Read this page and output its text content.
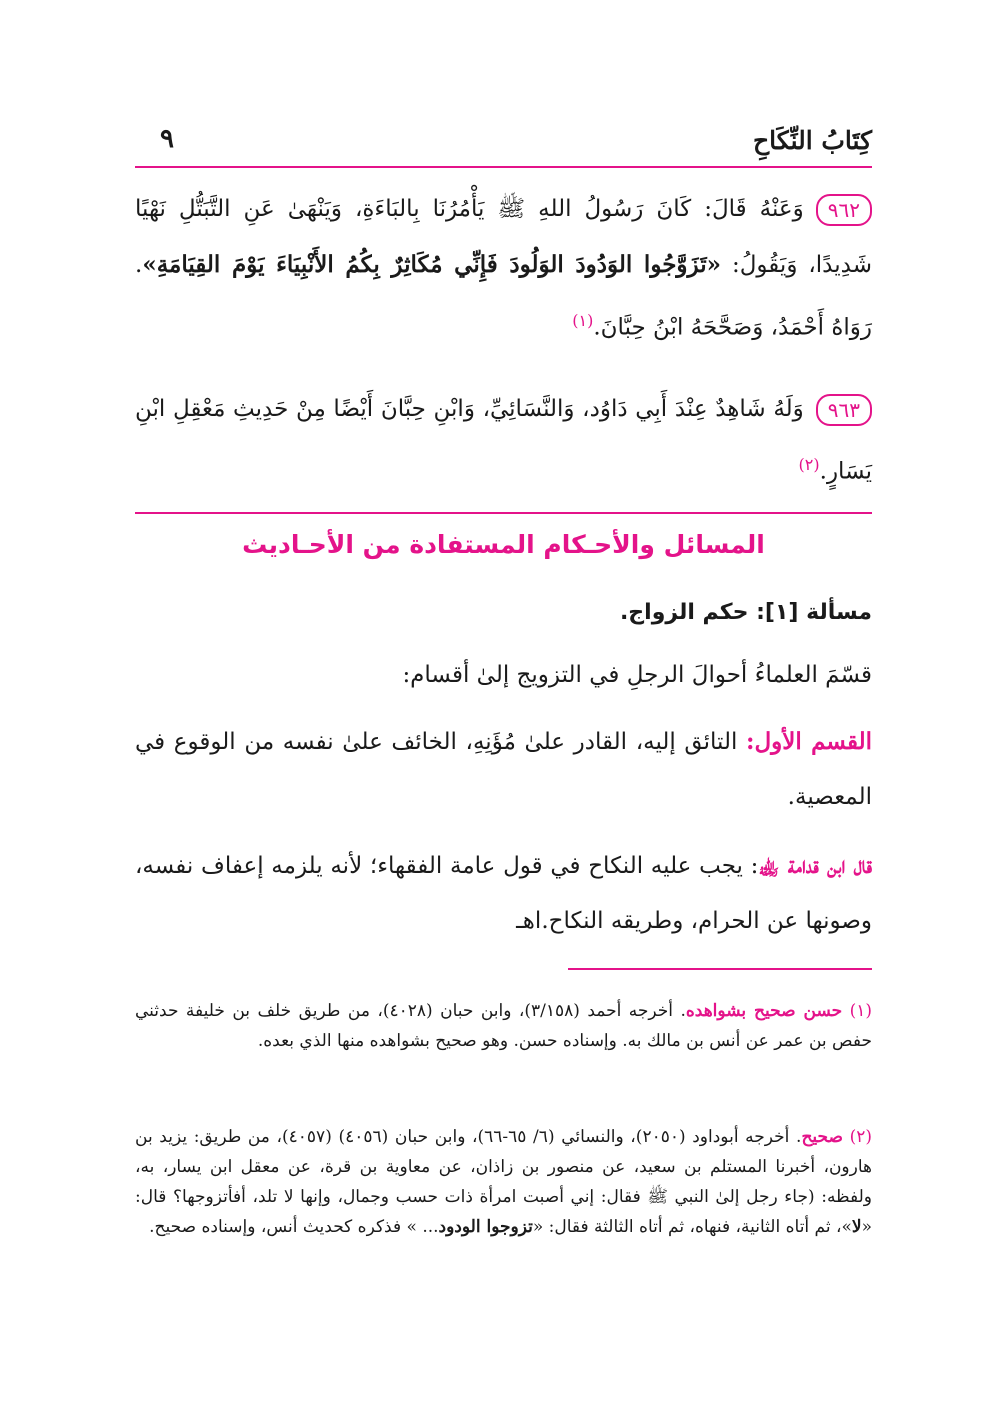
كِتَابُ النِّكَاحِ
٩
٩٦٢وَعَنْهُ قَالَ: كَانَ رَسُولُ اللهِ ﷺ يَأْمُرُنَا بِالبَاءَةِ، وَيَنْهَىٰ عَنِ التَّبَتُّلِ نَهْيًا شَدِيدًا، وَيَقُولُ: «تَزَوَّجُوا الوَدُودَ الوَلُودَ فَإِنِّي مُكَاثِرٌ بِكُمُ الأَنْبِيَاءَ يَوْمَ القِيَامَةِ». رَوَاهُ أَحْمَدُ، وَصَحَّحَهُ ابْنُ حِبَّانَ.$^{(١)}$
٩٦٣وَلَهُ شَاهِدٌ عِنْدَ أَبِي دَاوُد، وَالنَّسَائِيِّ، وَابْنِ حِبَّانَ أَيْضًا مِنْ حَدِيثِ مَعْقِلِ ابْنِ يَسَارٍ.$^{(٢)}$
المسائل والأحـكام المستفادة من الأحـاديث
مسألة [١]: حكم الزواج.
قسّمَ العلماءُ أحوالَ الرجلِ في التزويج إلىٰ أقسام:
القسم الأول: التائق إليه، القادر علىٰ مُؤَنِهِ، الخائف علىٰ نفسه من الوقوع في المعصية.
قال ابن قدامة ﵀: يجب عليه النكاح في قول عامة الفقهاء؛ لأنه يلزمه إعفاف نفسه، وصونها عن الحرام، وطريقه النكاح.اهـ
(١) حسن صحيح بشواهده. أخرجه أحمد (٣/١٥٨)، وابن حبان (٤٠٢٨)، من طريق خلف بن خليفة حدثني حفص بن عمر عن أنس بن مالك به. وإسناده حسن. وهو صحيح بشواهده منها الذي بعده.
(٢) صحيح. أخرجه أبوداود (٢٠٥٠)، والنسائي (٦/ ٦٥-٦٦)، وابن حبان (٤٠٥٦) (٤٠٥٧)، من طريق: يزيد بن هارون، أخبرنا المستلم بن سعيد، عن منصور بن زاذان، عن معاوية بن قرة، عن معقل ابن يسار، به، ولفظه: (جاء رجل إلىٰ النبي ﷺ فقال: إني أصبت امرأة ذات حسب وجمال، وإنها لا تلد، أفأتزوجها؟ قال: «لا»، ثم أتاه الثانية، فنهاه، ثم أتاه الثالثة فقال: «تزوجوا الودود... » فذكره كحديث أنس، وإسناده صحيح.
